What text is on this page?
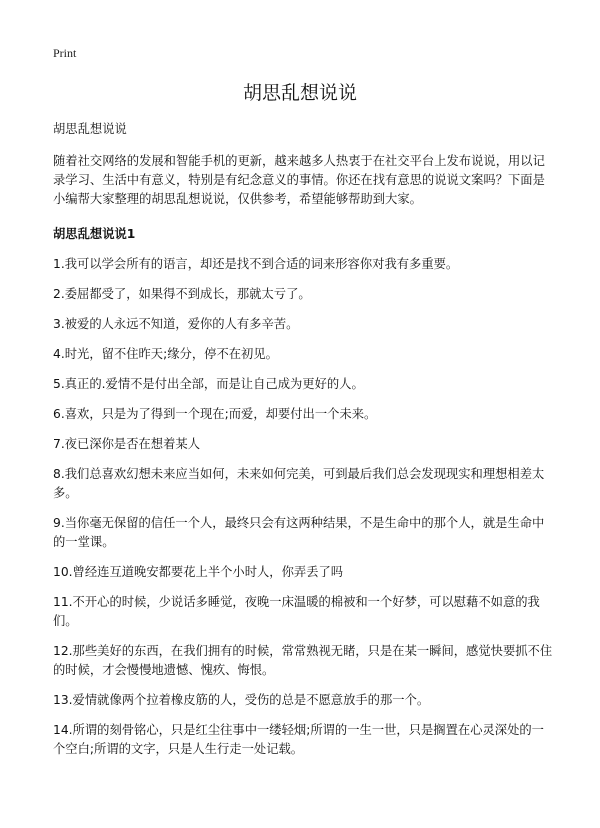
Print
胡思乱想说说

胡思乱想说说

随着社交网络的发展和智能手机的更新，越来越多人热衷于在社交平台上发布说说，用以记录学习、生活中有意义，特别是有纪念意义的事情。你还在找有意思的说说文案吗？下面是小编帮大家整理的胡思乱想说说，仅供参考，希望能够帮助到大家。

胡思乱想说说1

1.我可以学会所有的语言，却还是找不到合适的词来形容你对我有多重要。
2.委屈都受了，如果得不到成长，那就太亏了。
3.被爱的人永远不知道，爱你的人有多辛苦。
4.时光，留不住昨天;缘分，停不在初见。
5.真正的.爱情不是付出全部，而是让自己成为更好的人。
6.喜欢，只是为了得到一个现在;而爱，却要付出一个未来。
7.夜已深你是否在想着某人
8.我们总喜欢幻想未来应当如何，未来如何完美，可到最后我们总会发现现实和理想相差太多。
9.当你毫无保留的信任一个人，最终只会有这两种结果，不是生命中的那个人，就是生命中的一堂课。
10.曾经连互道晚安都要花上半个小时人，你弄丢了吗
11.不开心的时候，少说话多睡觉，夜晚一床温暖的棉被和一个好梦，可以慰藉不如意的我们。
12.那些美好的东西，在我们拥有的时候，常常熟视无睹，只是在某一瞬间，感觉快要抓不住的时候，才会慢慢地遗憾、愧疚、悔恨。
13.爱情就像两个拉着橡皮筋的人，受伤的总是不愿意放手的那一个。
14.所谓的刻骨铭心，只是红尘往事中一缕轻烟;所谓的一生一世，只是搁置在心灵深处的一个空白;所谓的文字，只是人生行走一处记载。
